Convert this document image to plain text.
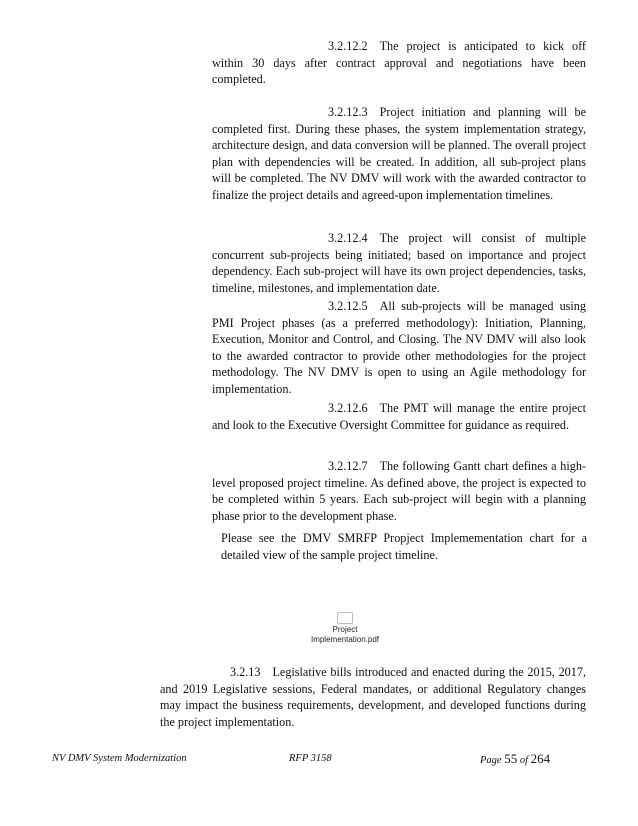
3.2.12.2 The project is anticipated to kick off within 30 days after contract approval and negotiations have been completed.

3.2.12.3 Project initiation and planning will be completed first. During these phases, the system implementation strategy, architecture design, and data conversion will be planned. The overall project plan with dependencies will be created. In addition, all sub-project plans will be completed. The NV DMV will work with the awarded contractor to finalize the project details and agreed-upon implementation timelines.

3.2.12.4 The project will consist of multiple concurrent sub-projects being initiated; based on importance and project dependency. Each sub-project will have its own project dependencies, tasks, timeline, milestones, and implementation date.

3.2.12.5 All sub-projects will be managed using PMI Project phases (as a preferred methodology): Initiation, Planning, Execution, Monitor and Control, and Closing. The NV DMV will also look to the awarded contractor to provide other methodologies for the project methodology. The NV DMV is open to using an Agile methodology for implementation.

3.2.12.6 The PMT will manage the entire project and look to the Executive Oversight Committee for guidance as required.

3.2.12.7 The following Gantt chart defines a high-level proposed project timeline. As defined above, the project is expected to be completed within 5 years. Each sub-project will begin with a planning phase prior to the development phase.

Please see the DMV SMRFP Propject Implemementation chart for a detailed view of the sample project timeline.

Project
Implementation.pdf

3.2.13 Legislative bills introduced and enacted during the 2015, 2017, and 2019 Legislative sessions, Federal mandates, or additional Regulatory changes may impact the business requirements, development, and developed functions during the project implementation.

NV DMV System Modernization	RFP 3158	Page 55 of 264
